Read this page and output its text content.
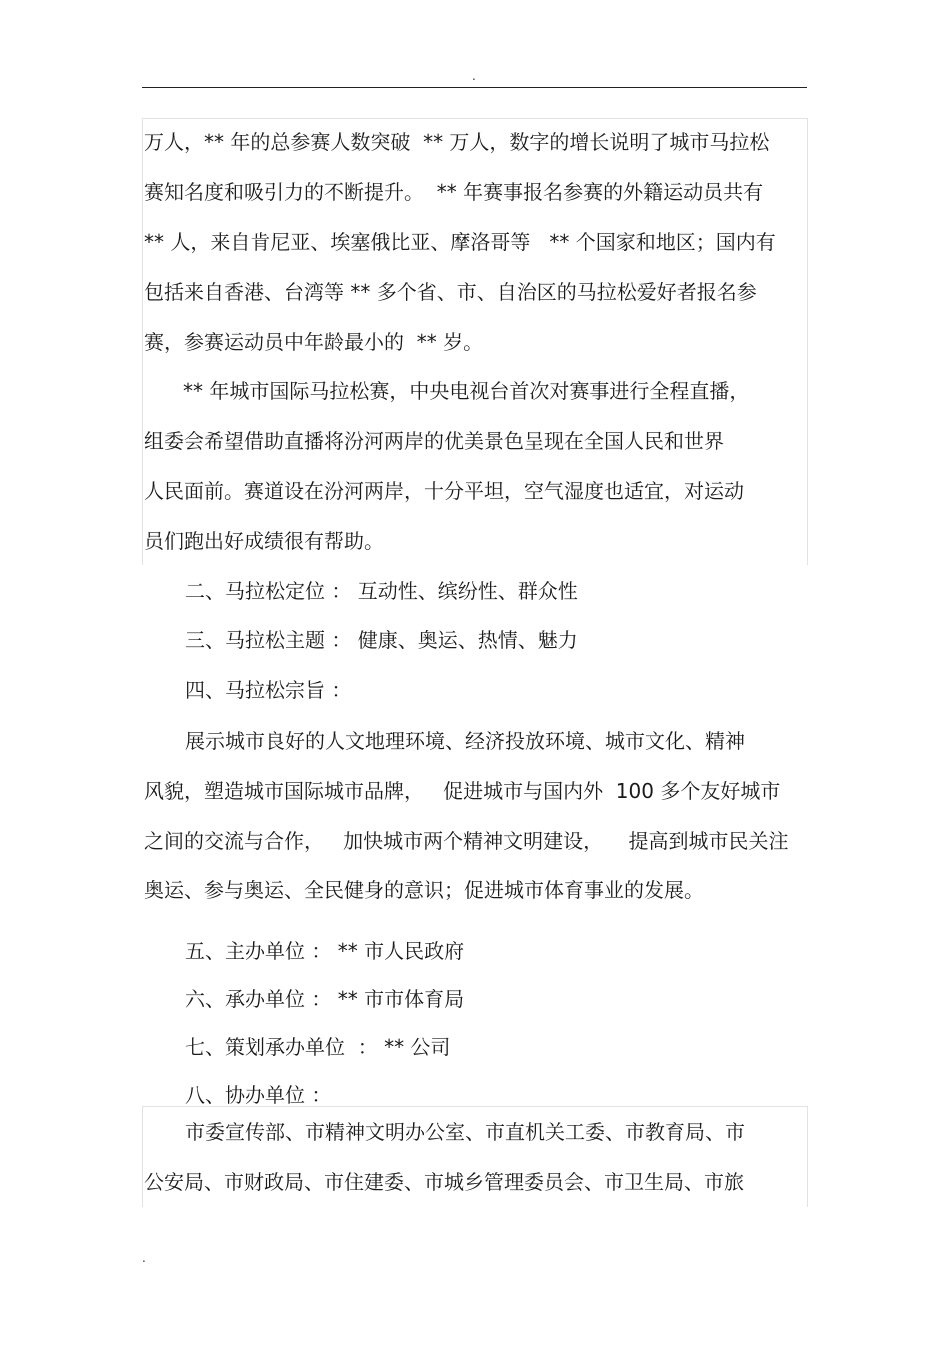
.

万人，** 年的总参赛人数突破  ** 万人，数字的增长说明了城市马拉松

赛知名度和吸引力的不断提升。  ** 年赛事报名参赛的外籍运动员共有

** 人，来自肯尼亚、埃塞俄比亚、摩洛哥等   ** 个国家和地区；国内有

包括来自香港、台湾等 ** 多个省、市、自治区的马拉松爱好者报名参

赛，参赛运动员中年龄最小的  ** 岁。

** 年城市国际马拉松赛，中央电视台首次对赛事进行全程直播，

组委会希望借助直播将汾河两岸的优美景色呈现在全国人民和世界

人民面前。赛道设在汾河两岸，十分平坦，空气湿度也适宜，对运动

员们跑出好成绩很有帮助。

二、马拉松定位 ： 互动性、缤纷性、群众性

三、马拉松主题 ： 健康、奥运、热情、魅力

四、马拉松宗旨 ：

展示城市良好的人文地理环境、经济投放环境、城市文化、精神

风貌，塑造城市国际城市品牌，   促进城市与国内外  100 多个友好城市

之间的交流与合作，   加快城市两个精神文明建设，    提高到城市民关注

奥运、参与奥运、全民健身的意识；促进城市体育事业的发展。

五、主办单位 ： ** 市人民政府

六、承办单位 ： ** 市市体育局

七、策划承办单位  ： ** 公司

八、协办单位 ：

市委宣传部、市精神文明办公室、市直机关工委、市教育局、市

公安局、市财政局、市住建委、市城乡管理委员会、市卫生局、市旅

.
